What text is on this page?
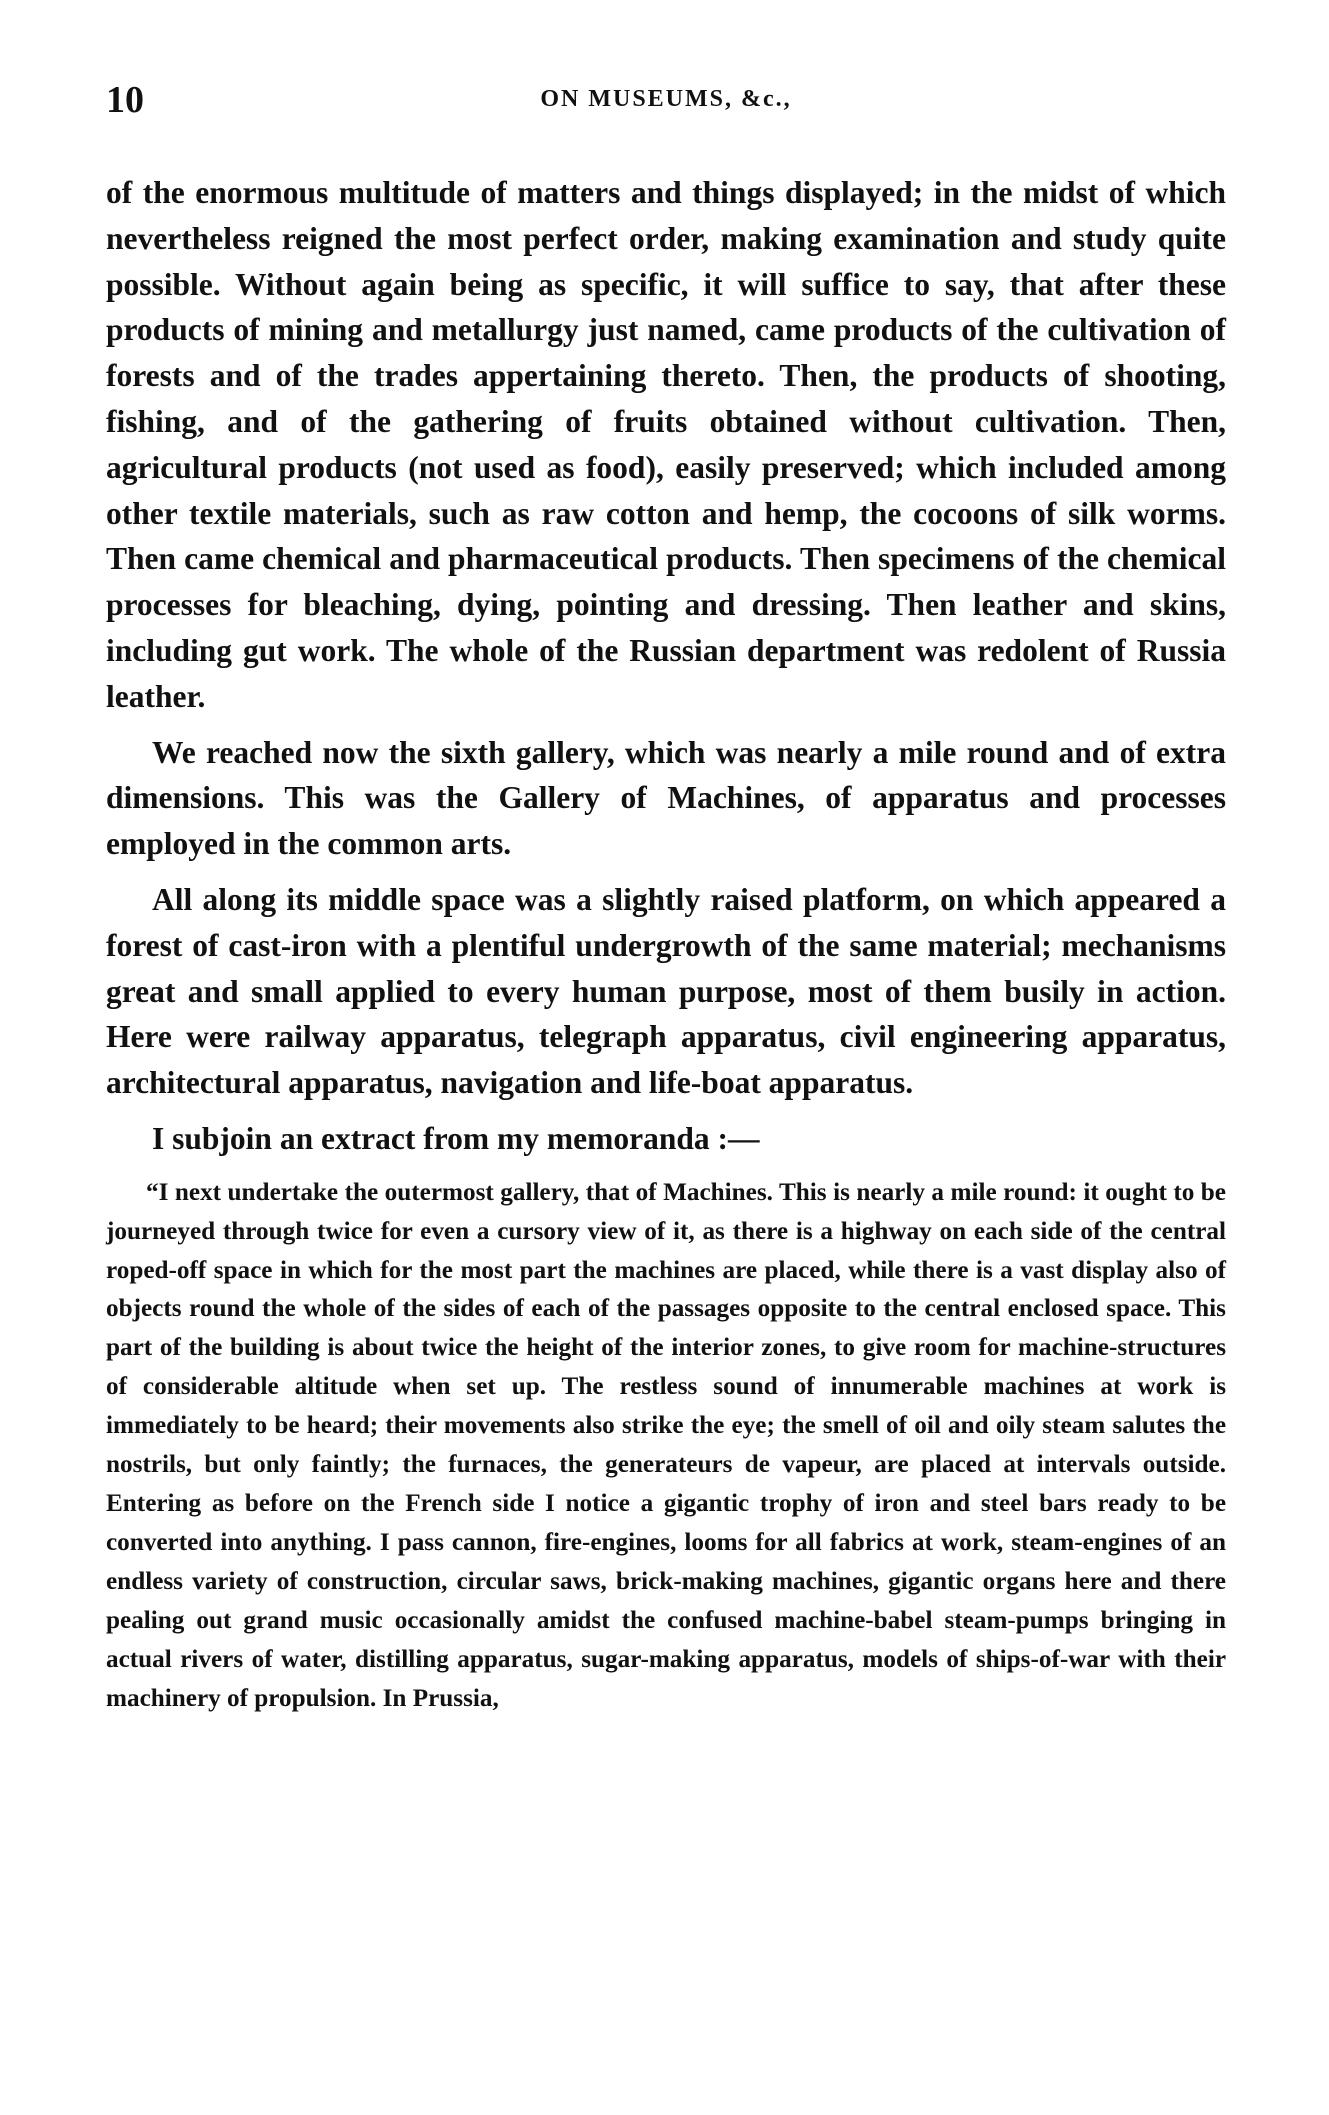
10	ON MUSEUMS, &c.,

of the enormous multitude of matters and things displayed; in the midst of which nevertheless reigned the most perfect order, making examination and study quite possible. Without again being as specific, it will suffice to say, that after these products of mining and metallurgy just named, came products of the cultivation of forests and of the trades appertaining thereto. Then, the products of shooting, fishing, and of the gathering of fruits obtained without cultivation. Then, agricultural products (not used as food), easily preserved; which included among other textile materials, such as raw cotton and hemp, the cocoons of silk worms. Then came chemical and pharmaceutical products. Then specimens of the chemical processes for bleaching, dying, pointing and dressing. Then leather and skins, including gut work. The whole of the Russian department was redolent of Russia leather.

We reached now the sixth gallery, which was nearly a mile round and of extra dimensions. This was the Gallery of Machines, of apparatus and processes employed in the common arts.

All along its middle space was a slightly raised platform, on which appeared a forest of cast-iron with a plentiful undergrowth of the same material; mechanisms great and small applied to every human purpose, most of them busily in action. Here were railway apparatus, telegraph apparatus, civil engineering apparatus, architectural apparatus, navigation and life-boat apparatus.

I subjoin an extract from my memoranda :—

“I next undertake the outermost gallery, that of Machines. This is nearly a mile round: it ought to be journeyed through twice for even a cursory view of it, as there is a highway on each side of the central roped-off space in which for the most part the machines are placed, while there is a vast display also of objects round the whole of the sides of each of the passages opposite to the central enclosed space. This part of the building is about twice the height of the interior zones, to give room for machine-structures of considerable altitude when set up. The restless sound of innumerable machines at work is immediately to be heard; their movements also strike the eye; the smell of oil and oily steam salutes the nostrils, but only faintly; the furnaces, the generateurs de vapeur, are placed at intervals outside. Entering as before on the French side I notice a gigantic trophy of iron and steel bars ready to be converted into anything. I pass cannon, fire-engines, looms for all fabrics at work, steam-engines of an endless variety of construction, circular saws, brick-making machines, gigantic organs here and there pealing out grand music occasionally amidst the confused machine-babel steam-pumps bringing in actual rivers of water, distilling apparatus, sugar-making apparatus, models of ships-of-war with their machinery of propulsion. In Prussia,
